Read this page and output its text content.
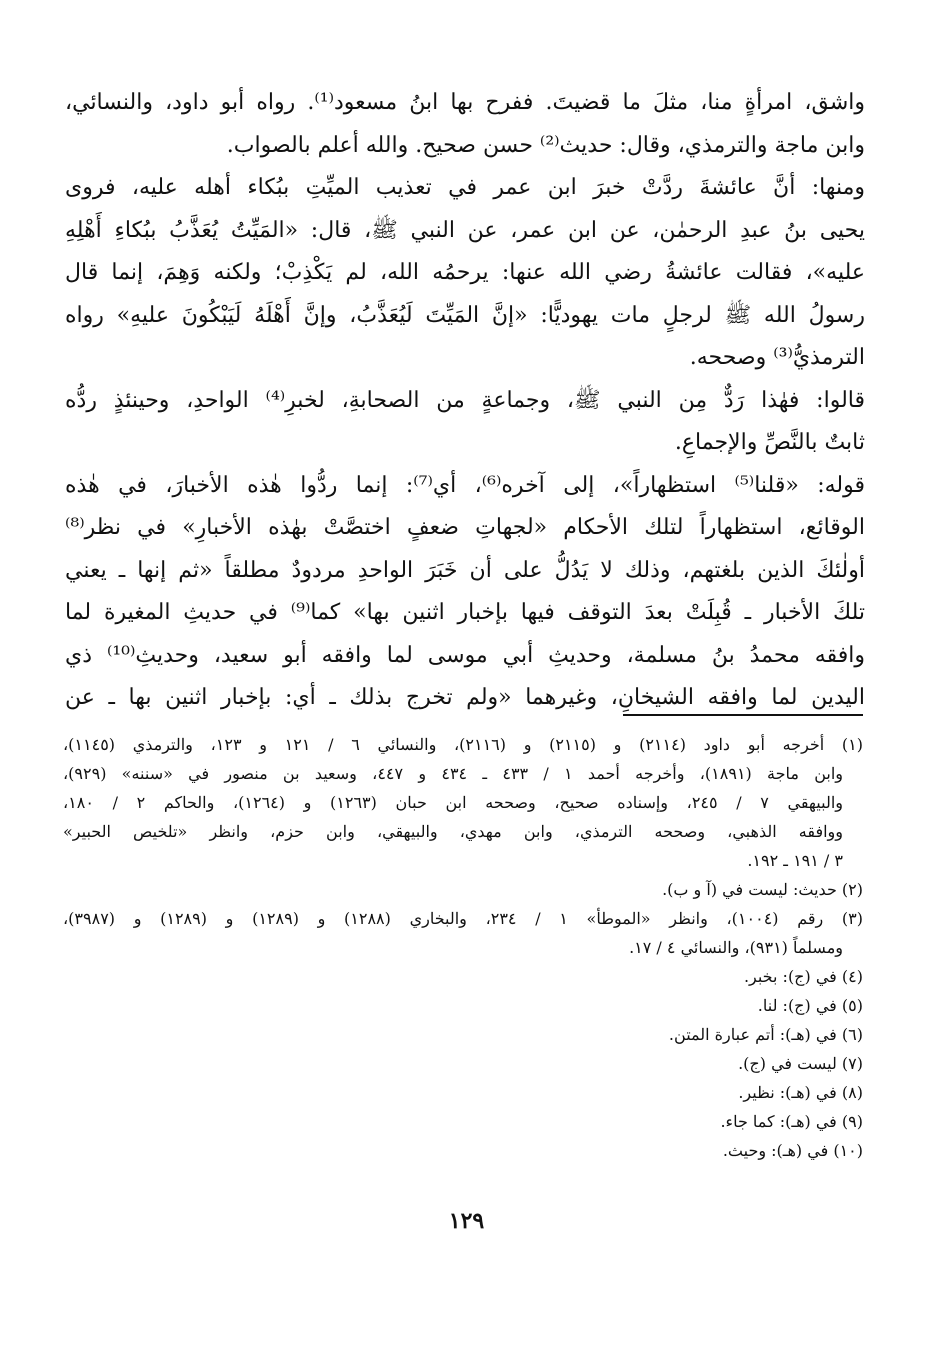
واشق، امرأةٍ منا، مثلَ ما قضيتَ. ففرح بها ابنُ مسعود⁽¹⁾. رواه أبو داود، والنسائي،
وابن ماجة والترمذي، وقال: حديث⁽²⁾ حسن صحيح. والله أعلم بالصواب.
ومنها: أنَّ عائشةَ ردَّتْ خبرَ ابن عمر في تعذيب الميِّتِ ببُكاء أهله عليه، فروى
يحيى بنُ عبدِ الرحمٰن، عن ابن عمر، عن النبي ﷺ، قال: «المَيِّتُ يُعَذَّبُ ببُكاءِ أَهْلِهِ
عليه»، فقالت عائشةُ رضي الله عنها: يرحمُه الله، لم يَكْذِبْ؛ ولكنه وَهِمَ، إنما قال
رسولُ الله ﷺ لرجلٍ مات يهوديًّا: «إنَّ المَيِّتَ لَيُعَذَّبُ، وإنَّ أَهْلَهُ لَيَبْكُونَ عليهِ» رواه
الترمذيُّ⁽³⁾ وصححه.
قالوا: فهٰذا رَدٌّ مِن النبي ﷺ، وجماعةٍ من الصحابةِ، لخبرِ⁽⁴⁾ الواحدِ، وحينئذٍ ردُّه
ثابتٌ بالنَّصِّ والإجماعِ.
قوله: «قلنا⁽⁵⁾ استظهاراً»، إلى آخره⁽⁶⁾، أي⁽⁷⁾: إنما ردُّوا هٰذه الأخبارَ، في هٰذه
الوقائع، استظهاراً لتلك الأحكام «لجهاتِ ضعفٍ اختصَّتْ بهٰذه الأخبارِ» في نظر⁽⁸⁾
أولٰئكَ الذين بلغتهم، وذلك لا يَدُلُّ على أن خَبَرَ الواحدِ مردودٌ مطلقاً «ثم إنها ـ يعني
تلكَ الأخبار ـ قُبِلَتْ بعدَ التوقف فيها بإخبار اثنين بها» كما⁽⁹⁾ في حديثِ المغيرة لما
وافقه محمدُ بنُ مسلمة، وحديثِ أبي موسى لما وافقه أبو سعيد، وحديثِ⁽¹⁰⁾ ذي
اليدين لما وافقه الشيخانِ، وغيرهما «ولم تخرج بذلك ـ أي: بإخبار اثنين بها ـ عن
(١) أخرجه أبو داود (٢١١٤) و (٢١١٥) و (٢١١٦)، والنسائي ٦ / ١٢١ و ١٢٣، والترمذي (١١٤٥)،
وابن ماجة (١٨٩١)، وأخرجه أحمد ١ / ٤٣٣ ـ ٤٣٤ و ٤٤٧، وسعيد بن منصور في «سننه» (٩٢٩)،
والبيهقي ٧ / ٢٤٥، وإسناده صحيح، وصححه ابن حبان (١٢٦٣) و (١٢٦٤)، والحاكم ٢ / ١٨٠،
ووافقه الذهبي، وصححه الترمذي، وابن مهدي، والبيهقي، وابن حزم، وانظر «تلخيص الحبير»
٣ / ١٩١ ـ ١٩٢.
(٢) حديث: ليست في (آ و ب).
(٣) رقم (١٠٠٤)، وانظر «الموطأ» ١ / ٢٣٤، والبخاري (١٢٨٨) و (١٢٨٩) و (١٢٨٩) و (٣٩٨٧)،
ومسلماً (٩٣١)، والنسائي ٤ / ١٧.
(٤) في (ج): بخبر.
(٥) في (ج): لنا.
(٦) في (هـ): أتم عبارة المتن.
(٧) ليست في (ج).
(٨) في (هـ): نظير.
(٩) في (هـ): كما جاء.
(١٠) في (هـ): وحيث.
١٢٩
